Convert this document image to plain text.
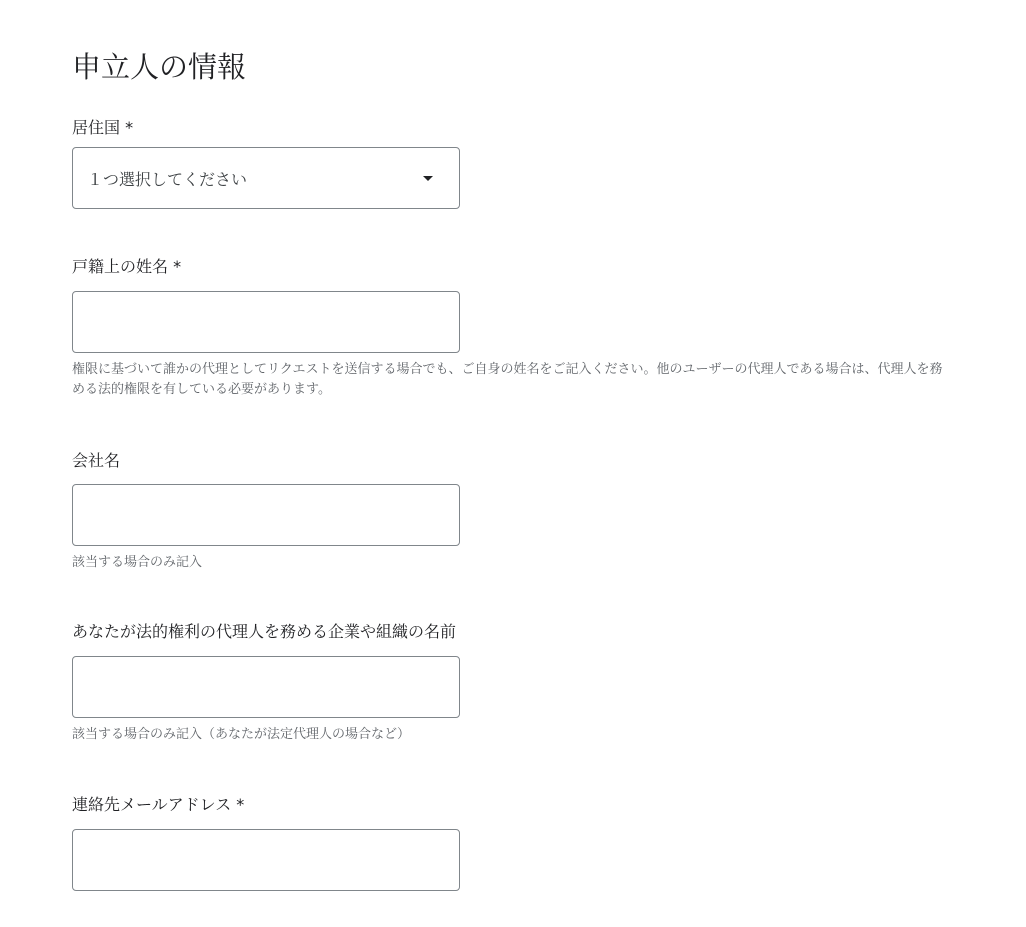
申立人の情報
居住国 *
１つ選択してください
戸籍上の姓名 *
権限に基づいて誰かの代理としてリクエストを送信する場合でも、ご自身の姓名をご記入ください。他のユーザーの代理人である場合は、代理人を務める法的権限を有している必要があります。
会社名
該当する場合のみ記入
あなたが法的権利の代理人を務める企業や組織の名前
該当する場合のみ記入（あなたが法定代理人の場合など）
連絡先メールアドレス *
